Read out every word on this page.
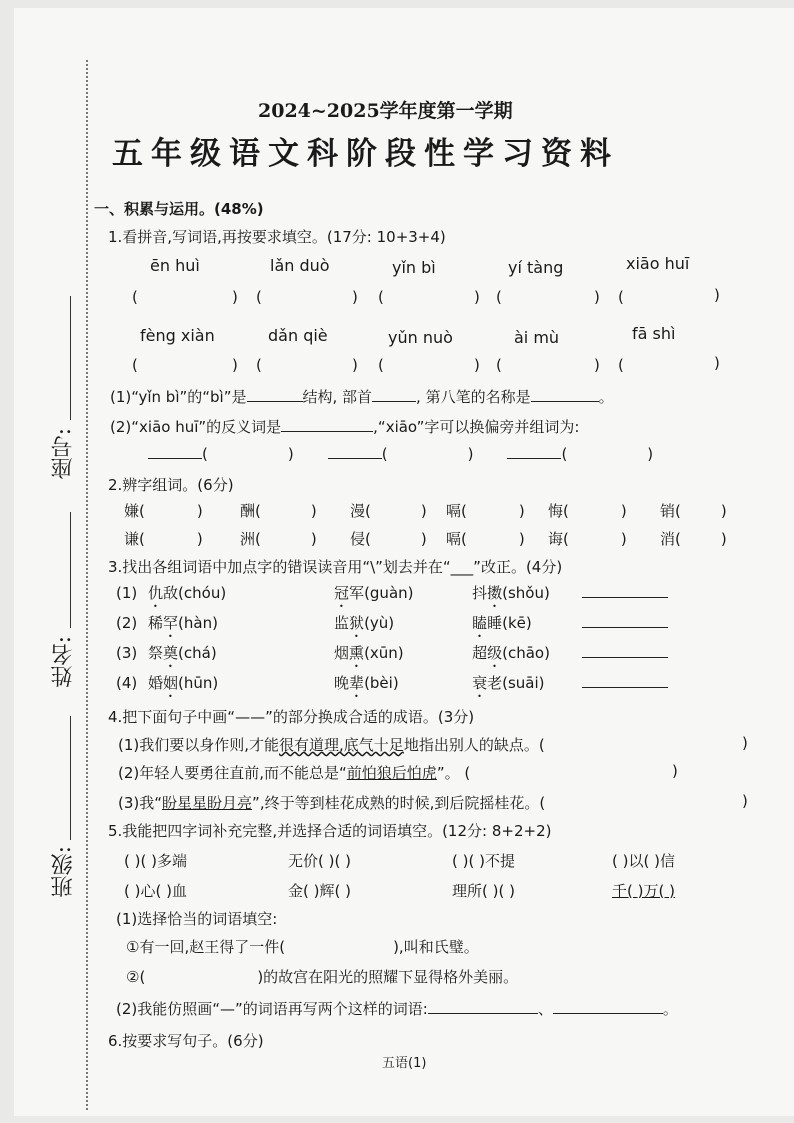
座号:
姓名:
班级:
2024~2025学年度第一学期
五年级语文科阶段性学习资料
一、积累与运用。(48%)
1.看拼音,写词语,再按要求填空。(17分: 10+3+4)
ēn huì	lǎn duò	yǐn bì	yí tàng	xiāo huī
(	) (	) (	) (	) (	)
fèng xiàn	dǎn qiè	yǔn nuò	ài mù	fā shì
(	) (	) (	) (	) (	)
(1)“yǐn bì”的“bì”是	结构, 部首	, 第八笔的名称是	。
(2)“xiāo huī”的反义词是	,“xiāo”字可以换偏旁并组词为:
(	)	(	)	(	)
2.辨字组词。(6分)
嫌(	) 酬(	) 漫(	) 嗝(	) 悔(	) 销(	)
谦(	) 洲(	) 侵(	) 嗝(	) 诲(	) 消(	)
3.找出各组词语中加点字的错误读音用“\”划去并在“___”改正。(4分)
(1) 仇敌(chóu)	冠军(guàn)	抖擞(shǒu)
(2) 稀罕(hàn)	监狱(yù)	瞌睡(kē)
(3) 祭奠(chá)	烟熏(xūn)	超级(chāo)
(4) 婚姻(hūn)	晚辈(bèi)	衰老(suāi)
4.把下面句子中画“——”的部分换成合适的成语。(3分)
(1)我们要以身作则,才能很有道理,底气十足地指出别人的缺点。(	)
(2)年轻人要勇往直前,而不能总是“前怕狼后怕虎”。 (	)
(3)我“盼星星盼月亮”,终于等到桂花成熟的时候,到后院摇桂花。(	)
5.我能把四字词补充完整,并选择合适的词语填空。(12分: 8+2+2)
( )( )多端	无价( )( )	( )( )不提	( )以( )信
( )心( )血	金( )辉( )	理所( )( )	千( )万( )
(1)选择恰当的词语填空:
①有一回,赵王得了一件(	),叫和氏璧。
②(	)的故宫在阳光的照耀下显得格外美丽。
(2)我能仿照画“—”的词语再写两个这样的词语:	、	。
6.按要求写句子。(6分)
五语(1)
